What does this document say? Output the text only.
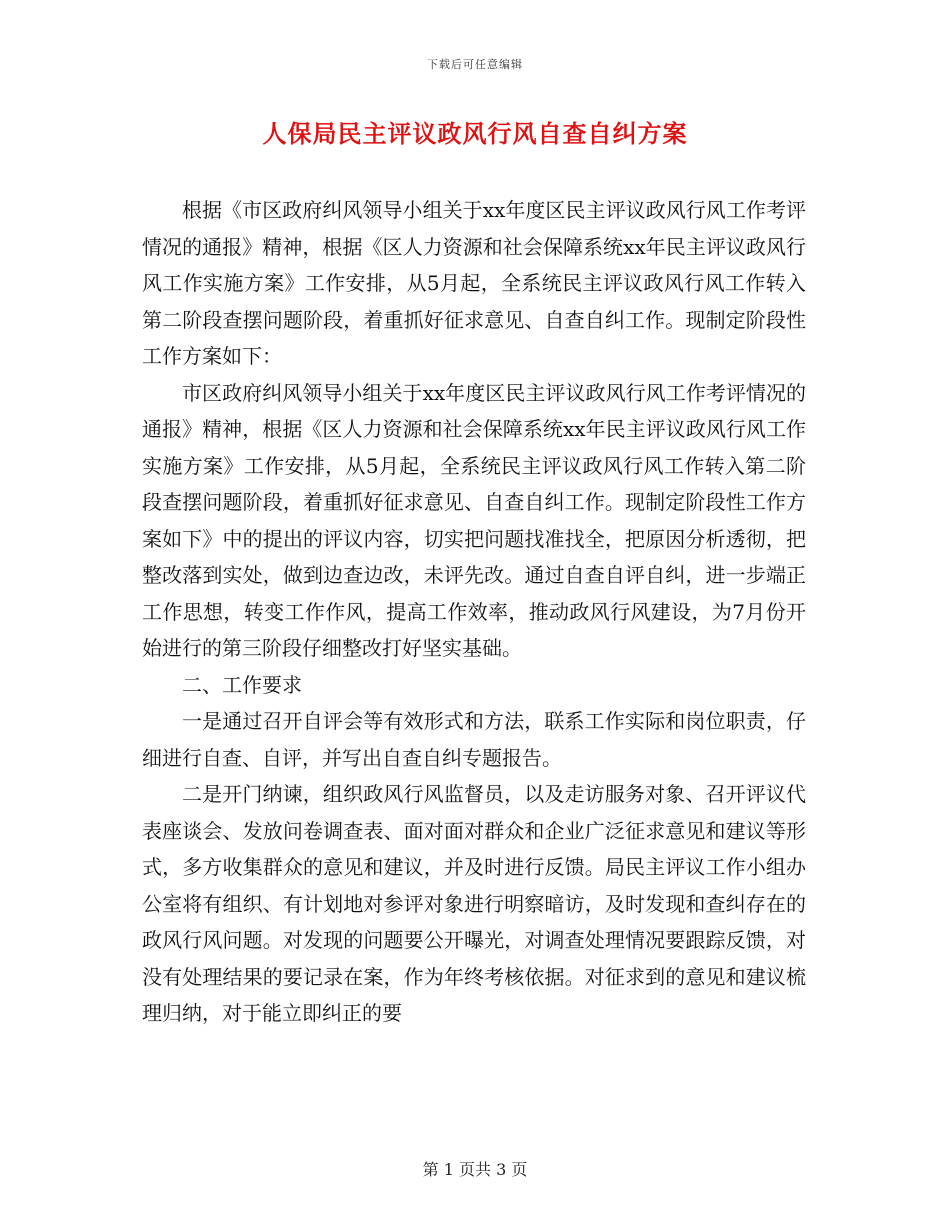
下载后可任意编辑
人保局民主评议政风行风自查自纠方案

根据《市区政府纠风领导小组关于xx年度区民主评议政风行风工作考评情况的通报》精神，根据《区人力资源和社会保障系统xx年民主评议政风行风工作实施方案》工作安排，从5月起，全系统民主评议政风行风工作转入第二阶段查摆问题阶段，着重抓好征求意见、自查自纠工作。现制定阶段性工作方案如下：

市区政府纠风领导小组关于xx年度区民主评议政风行风工作考评情况的通报》精神，根据《区人力资源和社会保障系统xx年民主评议政风行风工作实施方案》工作安排，从5月起，全系统民主评议政风行风工作转入第二阶段查摆问题阶段，着重抓好征求意见、自查自纠工作。现制定阶段性工作方案如下》中的提出的评议内容，切实把问题找准找全，把原因分析透彻，把整改落到实处，做到边查边改，未评先改。通过自查自评自纠，进一步端正工作思想，转变工作作风，提高工作效率，推动政风行风建设，为7月份开始进行的第三阶段仔细整改打好坚实基础。

二、工作要求

一是通过召开自评会等有效形式和方法，联系工作实际和岗位职责，仔细进行自查、自评，并写出自查自纠专题报告。

二是开门纳谏，组织政风行风监督员，以及走访服务对象、召开评议代表座谈会、发放问卷调查表、面对面对群众和企业广泛征求意见和建议等形式，多方收集群众的意见和建议，并及时进行反馈。局民主评议工作小组办公室将有组织、有计划地对参评对象进行明察暗访，及时发现和查纠存在的政风行风问题。对发现的问题要公开曝光，对调查处理情况要跟踪反馈，对没有处理结果的要记录在案，作为年终考核依据。对征求到的意见和建议梳理归纳，对于能立即纠正的要

第 1 页共 3 页
